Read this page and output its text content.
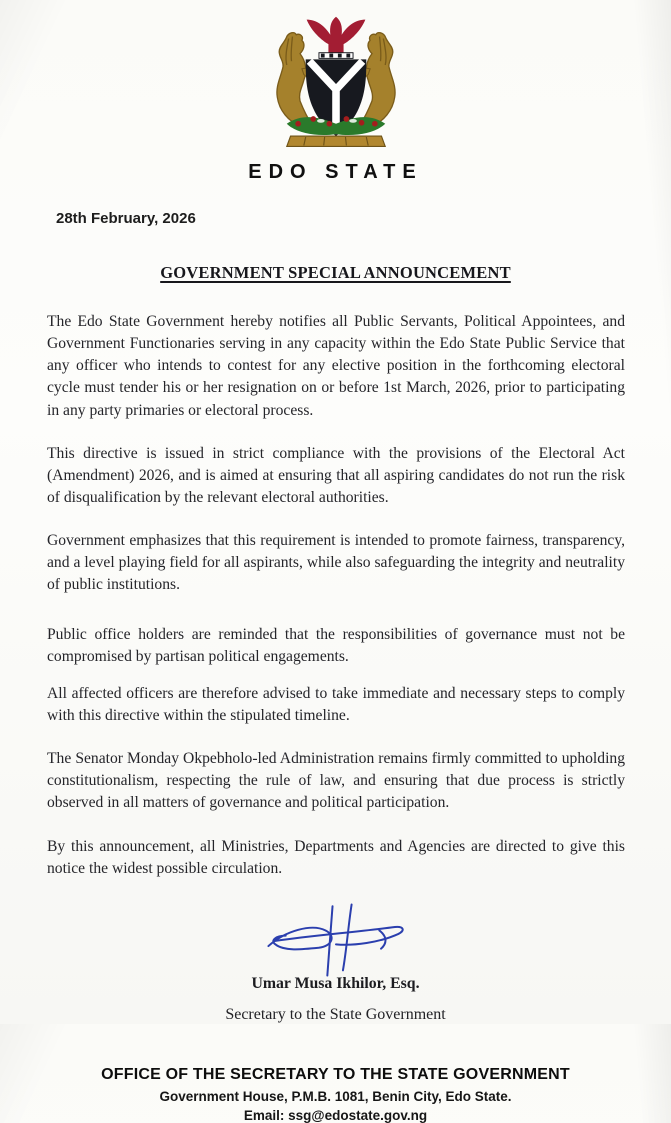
EDO STATE
28th February, 2026
GOVERNMENT SPECIAL ANNOUNCEMENT

The Edo State Government hereby notifies all Public Servants, Political Appointees, and Government Functionaries serving in any capacity within the Edo State Public Service that any officer who intends to contest for any elective position in the forthcoming electoral cycle must tender his or her resignation on or before 1st March, 2026, prior to participating in any party primaries or electoral process.

This directive is issued in strict compliance with the provisions of the Electoral Act (Amendment) 2026, and is aimed at ensuring that all aspiring candidates do not run the risk of disqualification by the relevant electoral authorities.

Government emphasizes that this requirement is intended to promote fairness, transparency, and a level playing field for all aspirants, while also safeguarding the integrity and neutrality of public institutions.

Public office holders are reminded that the responsibilities of governance must not be compromised by partisan political engagements.

All affected officers are therefore advised to take immediate and necessary steps to comply with this directive within the stipulated timeline.

The Senator Monday Okpebholo-led Administration remains firmly committed to upholding constitutionalism, respecting the rule of law, and ensuring that due process is strictly observed in all matters of governance and political participation.

By this announcement, all Ministries, Departments and Agencies are directed to give this notice the widest possible circulation.

Umar Musa Ikhilor, Esq.
Secretary to the State Government
OFFICE OF THE SECRETARY TO THE STATE GOVERNMENT
Government House, P.M.B. 1081, Benin City, Edo State.
Email: ssg@edostate.gov.ng
